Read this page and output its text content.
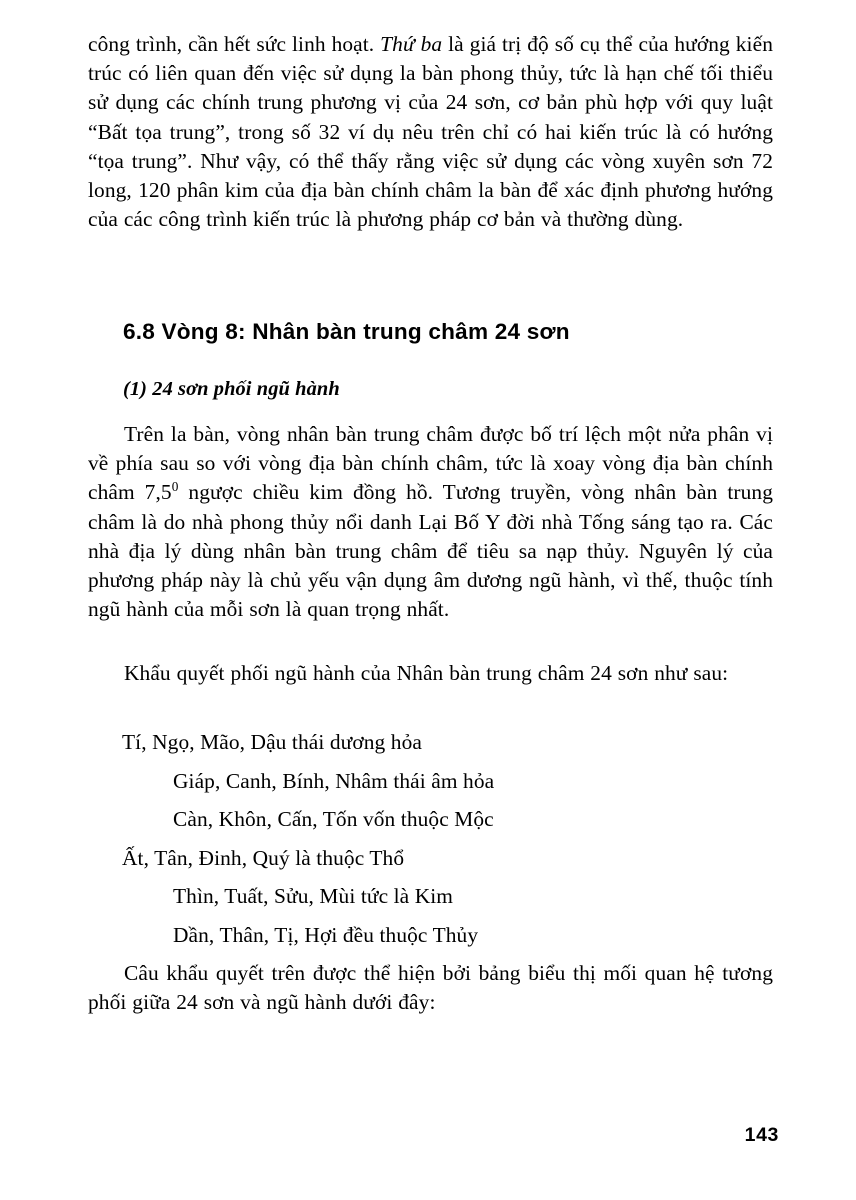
công trình, cần hết sức linh hoạt. Thứ ba là giá trị độ số cụ thể của hướng kiến trúc có liên quan đến việc sử dụng la bàn phong thủy, tức là hạn chế tối thiểu sử dụng các chính trung phương vị của 24 sơn, cơ bản phù hợp với quy luật “Bất tọa trung”, trong số 32 ví dụ nêu trên chỉ có hai kiến trúc là có hướng “tọa trung”. Như vậy, có thể thấy rằng việc sử dụng các vòng xuyên sơn 72 long, 120 phân kim của địa bàn chính châm la bàn để xác định phương hướng của các công trình kiến trúc là phương pháp cơ bản và thường dùng.

6.8 Vòng 8: Nhân bàn trung châm 24 sơn
(1) 24 sơn phối ngũ hành

Trên la bàn, vòng nhân bàn trung châm được bố trí lệch một nửa phân vị về phía sau so với vòng địa bàn chính châm, tức là xoay vòng địa bàn chính châm $7,5^0$ ngược chiều kim đồng hồ. Tương truyền, vòng nhân bàn trung châm là do nhà phong thủy nổi danh Lại Bố Y đời nhà Tống sáng tạo ra. Các nhà địa lý dùng nhân bàn trung châm để tiêu sa nạp thủy. Nguyên lý của phương pháp này là chủ yếu vận dụng âm dương ngũ hành, vì thế, thuộc tính ngũ hành của mỗi sơn là quan trọng nhất.

Khẩu quyết phối ngũ hành của Nhân bàn trung châm 24 sơn như sau:

Tí, Ngọ, Mão, Dậu thái dương hỏa

Giáp, Canh, Bính, Nhâm thái âm hỏa

Càn, Khôn, Cấn, Tốn vốn thuộc Mộc

Ất, Tân, Đinh, Quý là thuộc Thổ

Thìn, Tuất, Sửu, Mùi tức là Kim

Dần, Thân, Tị, Hợi đều thuộc Thủy

Câu khẩu quyết trên được thể hiện bởi bảng biểu thị mối quan hệ tương phối giữa 24 sơn và ngũ hành dưới đây:

143
